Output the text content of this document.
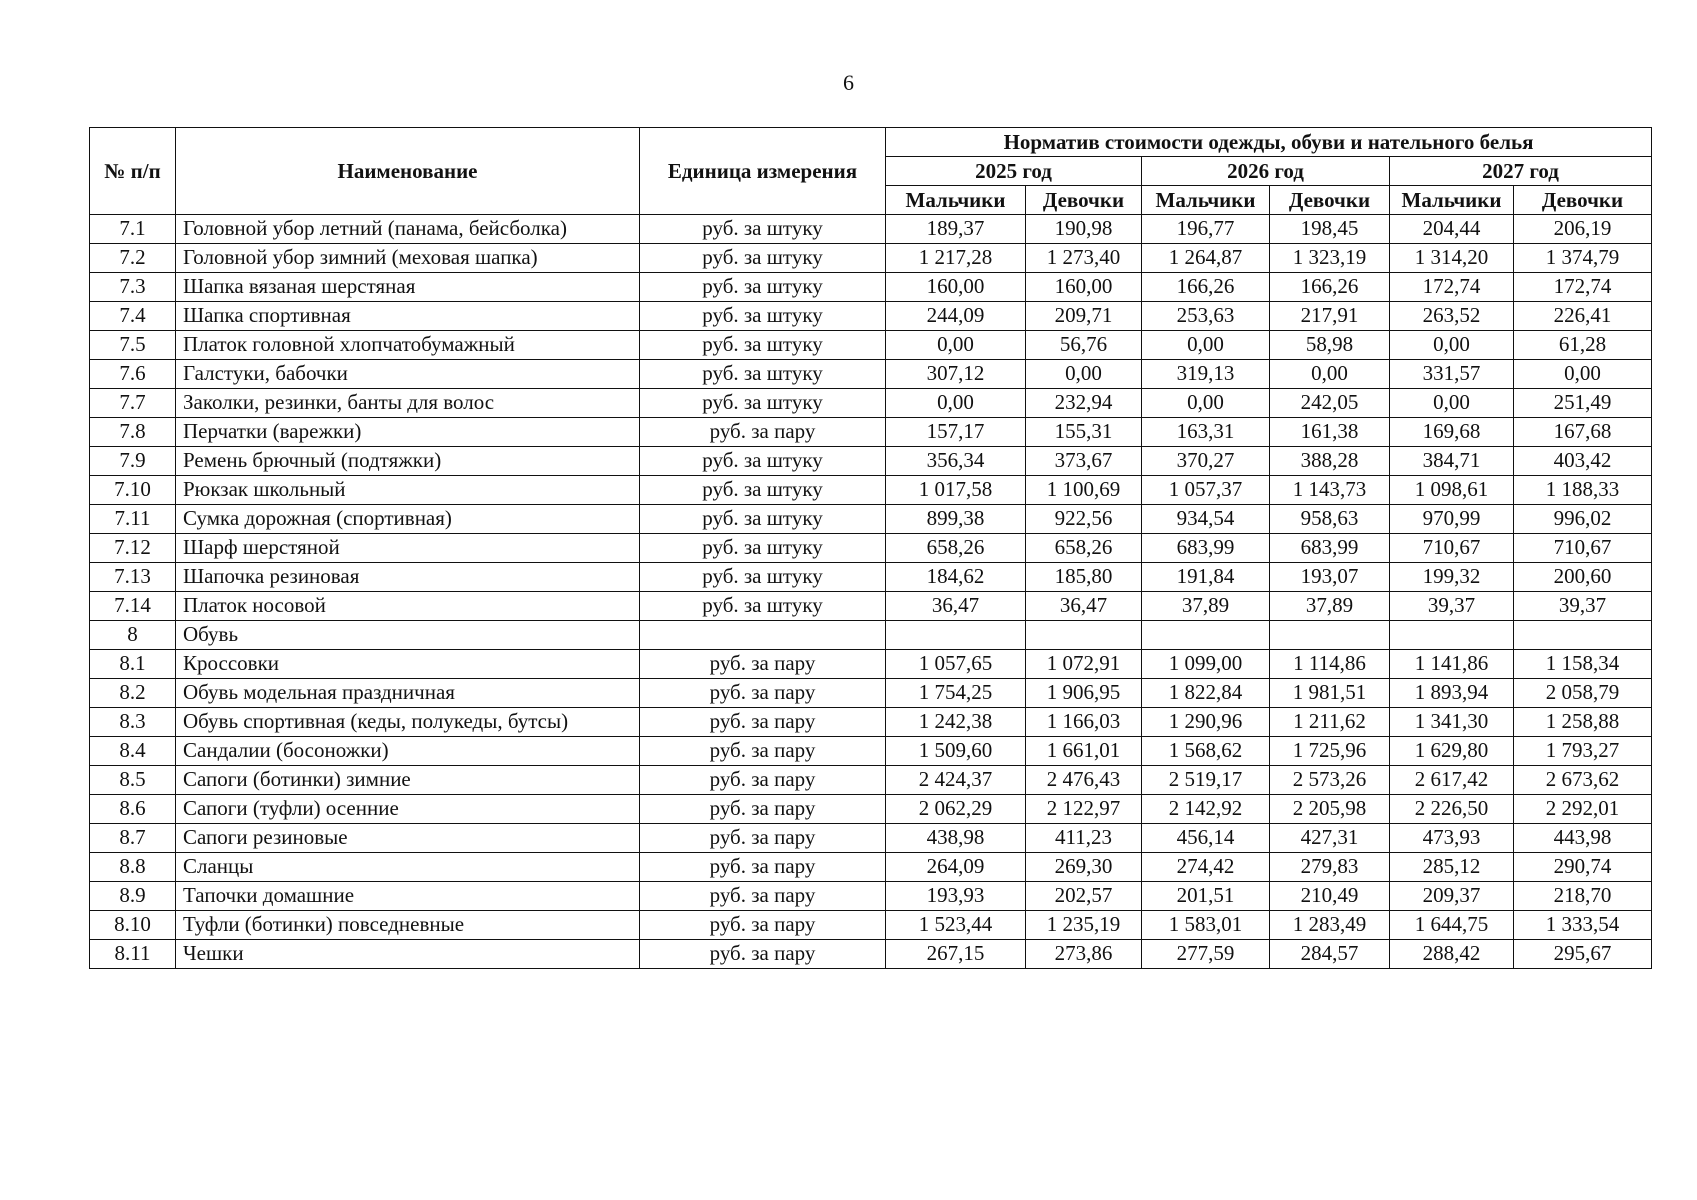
6
№ п/п	Наименование	Единица измерения	Норматив стоимости одежды, обуви и нательного белья					
			2025 год		2026 год		2027 год	
			Мальчики	Девочки	Мальчики	Девочки	Мальчики	Девочки
7.1	Головной убор летний (панама, бейсболка)	руб. за штуку	189,37	190,98	196,77	198,45	204,44	206,19
7.2	Головной убор зимний (меховая шапка)	руб. за штуку	1 217,28	1 273,40	1 264,87	1 323,19	1 314,20	1 374,79
7.3	Шапка вязаная шерстяная	руб. за штуку	160,00	160,00	166,26	166,26	172,74	172,74
7.4	Шапка спортивная	руб. за штуку	244,09	209,71	253,63	217,91	263,52	226,41
7.5	Платок головной хлопчатобумажный	руб. за штуку	0,00	56,76	0,00	58,98	0,00	61,28
7.6	Галстуки, бабочки	руб. за штуку	307,12	0,00	319,13	0,00	331,57	0,00
7.7	Заколки, резинки, банты для волос	руб. за штуку	0,00	232,94	0,00	242,05	0,00	251,49
7.8	Перчатки (варежки)	руб. за пару	157,17	155,31	163,31	161,38	169,68	167,68
7.9	Ремень брючный (подтяжки)	руб. за штуку	356,34	373,67	370,27	388,28	384,71	403,42
7.10	Рюкзак школьный	руб. за штуку	1 017,58	1 100,69	1 057,37	1 143,73	1 098,61	1 188,33
7.11	Сумка дорожная (спортивная)	руб. за штуку	899,38	922,56	934,54	958,63	970,99	996,02
7.12	Шарф шерстяной	руб. за штуку	658,26	658,26	683,99	683,99	710,67	710,67
7.13	Шапочка резиновая	руб. за штуку	184,62	185,80	191,84	193,07	199,32	200,60
7.14	Платок носовой	руб. за штуку	36,47	36,47	37,89	37,89	39,37	39,37
8	Обувь							
8.1	Кроссовки	руб. за пару	1 057,65	1 072,91	1 099,00	1 114,86	1 141,86	1 158,34
8.2	Обувь модельная праздничная	руб. за пару	1 754,25	1 906,95	1 822,84	1 981,51	1 893,94	2 058,79
8.3	Обувь спортивная (кеды, полукеды, бутсы)	руб. за пару	1 242,38	1 166,03	1 290,96	1 211,62	1 341,30	1 258,88
8.4	Сандалии (босоножки)	руб. за пару	1 509,60	1 661,01	1 568,62	1 725,96	1 629,80	1 793,27
8.5	Сапоги (ботинки) зимние	руб. за пару	2 424,37	2 476,43	2 519,17	2 573,26	2 617,42	2 673,62
8.6	Сапоги (туфли) осенние	руб. за пару	2 062,29	2 122,97	2 142,92	2 205,98	2 226,50	2 292,01
8.7	Сапоги резиновые	руб. за пару	438,98	411,23	456,14	427,31	473,93	443,98
8.8	Сланцы	руб. за пару	264,09	269,30	274,42	279,83	285,12	290,74
8.9	Тапочки домашние	руб. за пару	193,93	202,57	201,51	210,49	209,37	218,70
8.10	Туфли (ботинки) повседневные	руб. за пару	1 523,44	1 235,19	1 583,01	1 283,49	1 644,75	1 333,54
8.11	Чешки	руб. за пару	267,15	273,86	277,59	284,57	288,42	295,67
